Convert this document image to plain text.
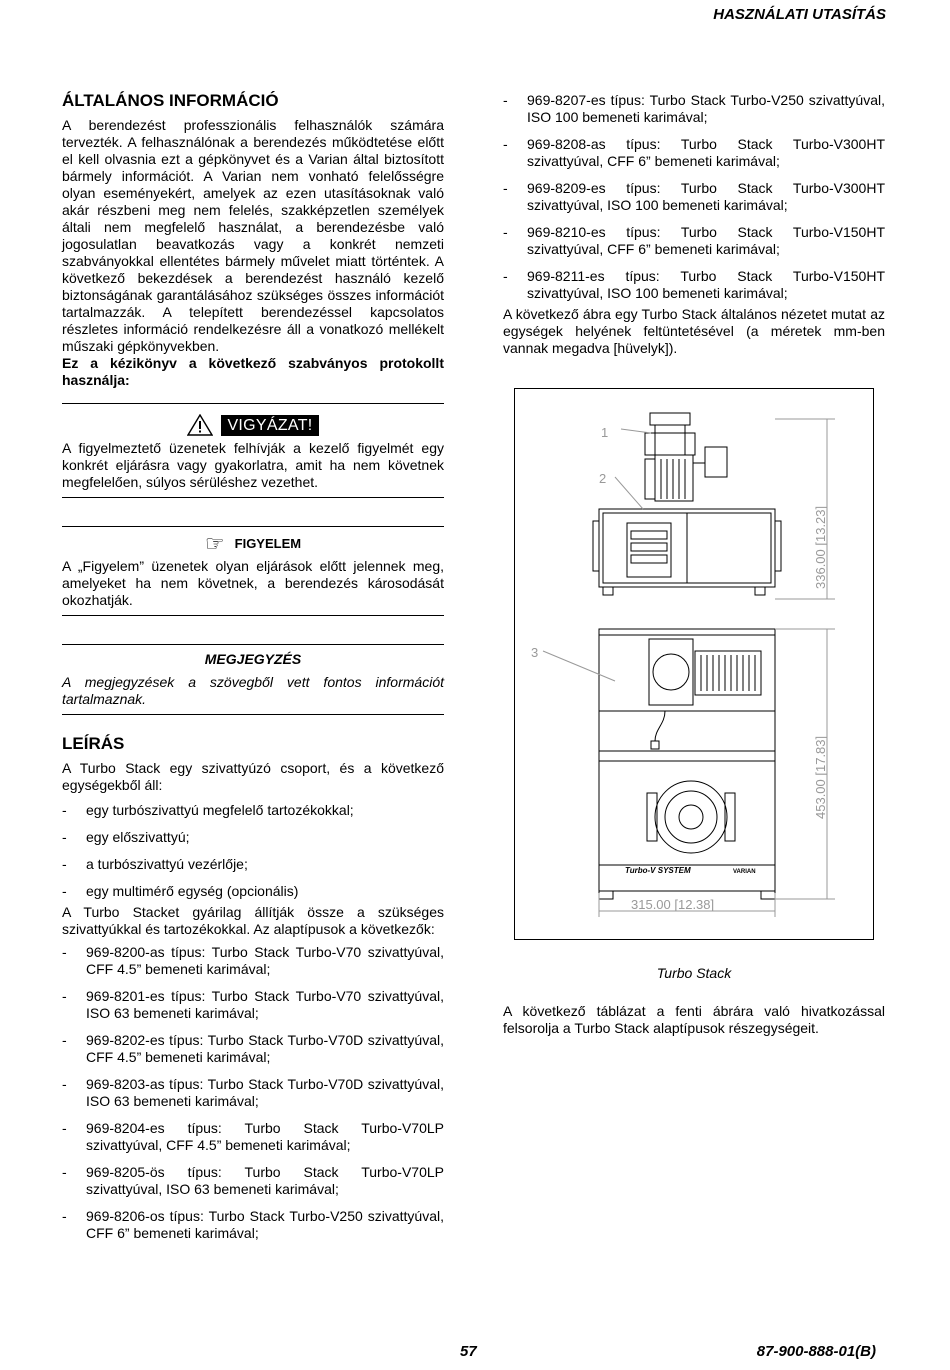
HASZNÁLATI UTASÍTÁS
ÁLTALÁNOS INFORMÁCIÓ
A berendezést professzionális felhasználók számára tervezték. A felhasználónak a berendezés működtetése előtt el kell olvasnia ezt a gépkönyvet és a Varian által biztosított bármely információt. A Varian nem vonható felelősségre olyan eseményekért, amelyek az ezen utasításoknak való akár részbeni meg nem felelés, szakképzetlen személyek általi nem megfelelő használat, a berendezésbe való jogosulatlan beavatkozás vagy a konkrét nemzeti szabványokkal ellentétes bármely művelet miatt történtek. A következő bekezdések a berendezést használó kezelő biztonságának garantálásához szükséges összes információt tartalmazzák. A telepített berendezéssel kapcsolatos részletes információ rendelkezésre áll a vonatkozó mellékelt műszaki gépkönyvekben.
Ez a kézikönyv a következő szabványos protokollt használja:
VIGYÁZAT!
A figyelmeztető üzenetek felhívják a kezelő figyelmét egy konkrét eljárásra vagy gyakorlatra, amit ha nem követnek megfelelően, súlyos sérüléshez vezethet.
☞ FIGYELEM
A „Figyelem” üzenetek olyan eljárások előtt jelennek meg, amelyeket ha nem követnek, a berendezés károsodását okozhatják.
MEGJEGYZÉS
A megjegyzések a szövegből vett fontos információt tartalmaznak.
LEÍRÁS
A Turbo Stack egy szivattyúzó csoport, és a következő egységekből áll:
- egy turbószivattyú megfelelő tartozékokkal;
- egy előszivattyú;
- a turbószivattyú vezérlője;
- egy multimérő egység (opcionális)
A Turbo Stacket gyárilag állítják össze a szükséges szivattyúkkal és tartozékokkal. Az alaptípusok a következők:
- 969-8200-as típus: Turbo Stack Turbo-V70 szivattyúval, CFF 4.5” bemeneti karimával;
- 969-8201-es típus: Turbo Stack Turbo-V70 szivattyúval, ISO 63 bemeneti karimával;
- 969-8202-es típus: Turbo Stack Turbo-V70D szivattyúval, CFF 4.5” bemeneti karimával;
- 969-8203-as típus: Turbo Stack Turbo-V70D szivattyúval, ISO 63 bemeneti karimával;
- 969-8204-es típus: Turbo Stack Turbo-V70LP szivattyúval, CFF 4.5” bemeneti karimával;
- 969-8205-ös típus: Turbo Stack Turbo-V70LP szivattyúval, ISO 63 bemeneti karimával;
- 969-8206-os típus: Turbo Stack Turbo-V250 szivattyúval, CFF 6” bemeneti karimával;
- 969-8207-es típus: Turbo Stack Turbo-V250 szivattyúval, ISO 100 bemeneti karimával;
- 969-8208-as típus: Turbo Stack Turbo-V300HT szivattyúval, CFF 6” bemeneti karimával;
- 969-8209-es típus: Turbo Stack Turbo-V300HT szivattyúval, ISO 100 bemeneti karimával;
- 969-8210-es típus: Turbo Stack Turbo-V150HT szivattyúval, CFF 6” bemeneti karimával;
- 969-8211-es típus: Turbo Stack Turbo-V150HT szivattyúval, ISO 100 bemeneti karimával;
A következő ábra egy Turbo Stack általános nézetet mutat az egységek helyének feltüntetésével (a méretek mm-ben vannak megadva [hüvelyk]).
1
2
3
336.00 [13.23]
453.00 [17.83]
315.00 [12.38]
Turbo-V SYSTEM	VARIAN
Turbo Stack
A következő táblázat a fenti ábrára való hivatkozással felsorolja a Turbo Stack alaptípusok részegységeit.
57	87-900-888-01(B)
